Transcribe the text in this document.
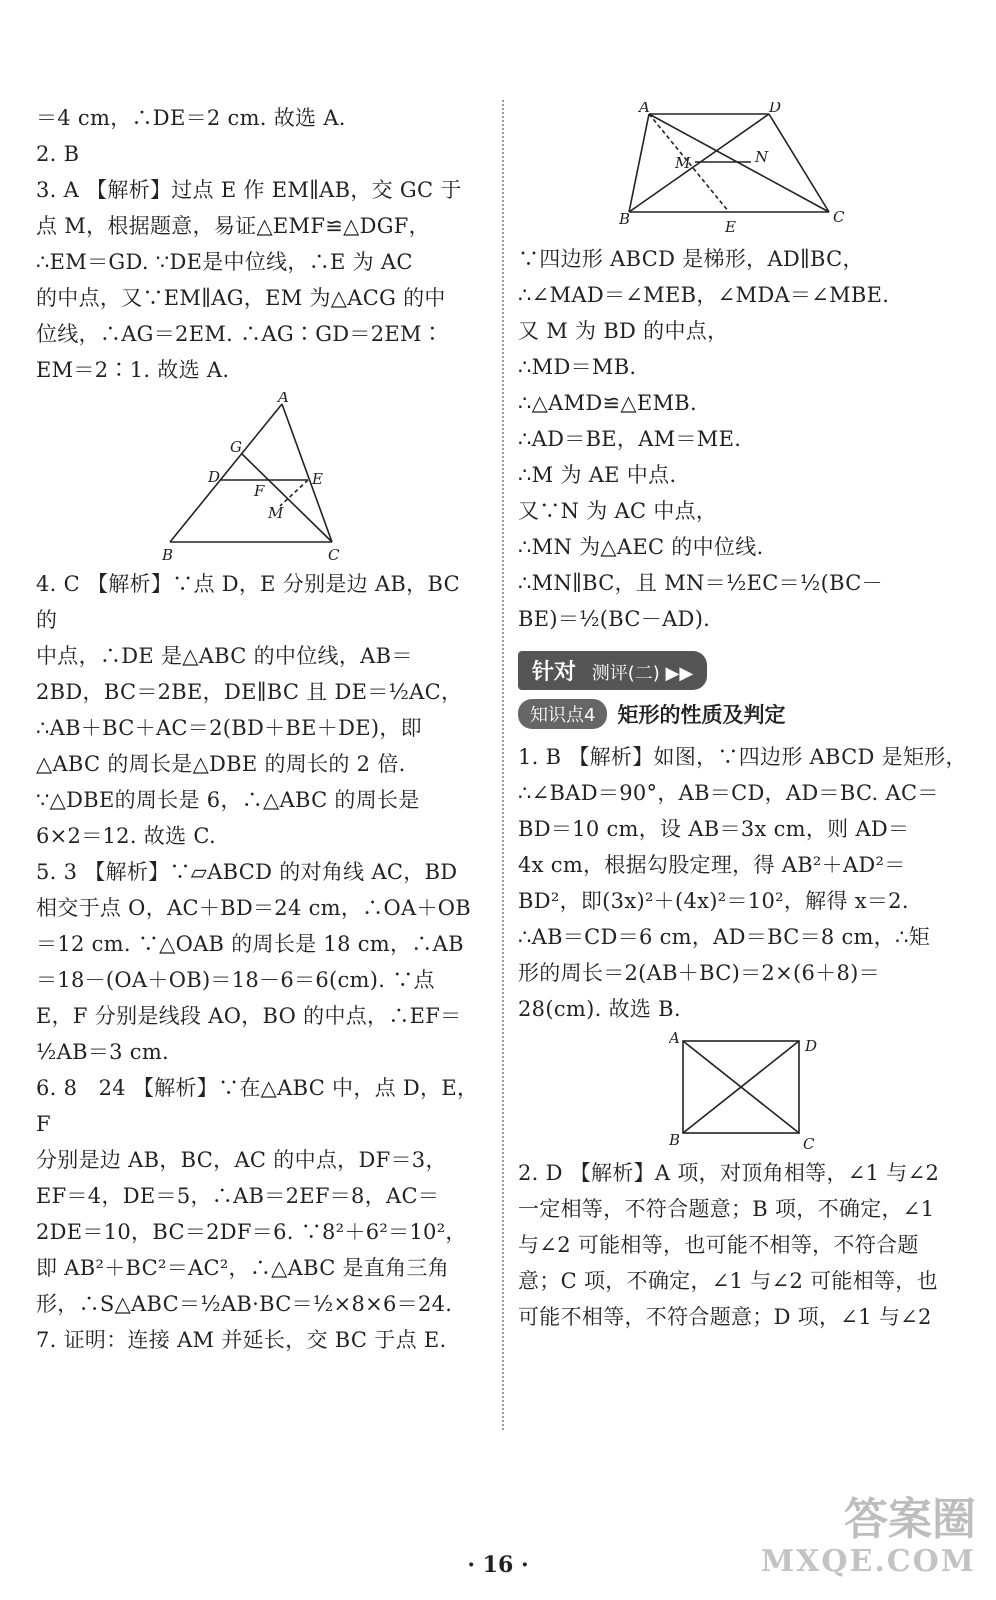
＝4 cm，∴DE＝2 cm. 故选 A.

2. B

3. A 【解析】过点 E 作 EM∥AB，交 GC 于

点 M，根据题意，易证△EMF≌△DGF，

∴EM＝GD. ∵DE是中位线，∴E 为 AC

的中点，又∵EM∥AG，EM 为△ACG 的中

位线，∴AG＝2EM. ∴AG∶GD＝2EM∶

EM＝2∶1. 故选 A.

A
G
D	E
F
M
B	C

4. C 【解析】∵点 D，E 分别是边 AB，BC 的

中点，∴DE 是△ABC 的中位线，AB＝

2BD，BC＝2BE，DE∥BC 且 DE＝½AC，

∴AB＋BC＋AC＝2(BD＋BE＋DE)，即

△ABC 的周长是△DBE 的周长的 2 倍.

∵△DBE的周长是 6，∴△ABC 的周长是

6×2＝12. 故选 C.

5. 3 【解析】∵▱ABCD 的对角线 AC，BD

相交于点 O，AC＋BD＝24 cm，∴OA＋OB

＝12 cm. ∵△OAB 的周长是 18 cm，∴AB

＝18－(OA＋OB)＝18－6＝6(cm). ∵点

E，F 分别是线段 AO，BO 的中点，∴EF＝

½AB＝3 cm.

6. 8　24 【解析】∵在△ABC 中，点 D，E，F

分别是边 AB，BC，AC 的中点，DF＝3，

EF＝4，DE＝5，∴AB＝2EF＝8，AC＝

2DE＝10，BC＝2DF＝6. ∵8²＋6²＝10²，

即 AB²＋BC²＝AC²，∴△ABC 是直角三角

形，∴S△ABC＝½AB·BC＝½×8×6＝24.

7. 证明：连接 AM 并延长，交 BC 于点 E.

A	D
M	N
B	E
C

∵四边形 ABCD 是梯形，AD∥BC，

∴∠MAD＝∠MEB，∠MDA＝∠MBE.

又 M 为 BD 的中点，

∴MD＝MB.

∴△AMD≌△EMB.

∴AD＝BE，AM＝ME.

∴M 为 AE 中点.

又∵N 为 AC 中点，

∴MN 为△AEC 的中位线.

∴MN∥BC，且 MN＝½EC＝½(BC－

BE)＝½(BC－AD).

针对 测评(二) ▶▶
知识点4	矩形的性质及判定

1. B 【解析】如图，∵四边形 ABCD 是矩形，

∴∠BAD＝90°，AB＝CD，AD＝BC. AC＝

BD＝10 cm，设 AB＝3x cm，则 AD＝

4x cm，根据勾股定理，得 AB²＋AD²＝

BD²，即(3x)²＋(4x)²＝10²，解得 x＝2.

∴AB＝CD＝6 cm，AD＝BC＝8 cm，∴矩

形的周长＝2(AB＋BC)＝2×(6＋8)＝

28(cm). 故选 B.

A	D
B	C

2. D 【解析】A 项，对顶角相等，∠1 与∠2

一定相等，不符合题意；B 项，不确定，∠1

与∠2 可能相等，也可能不相等，不符合题

意；C 项，不确定，∠1 与∠2 可能相等，也

可能不相等，不符合题意；D 项，∠1 与∠2

· 16 ·
答案圈
MXQE.COM
